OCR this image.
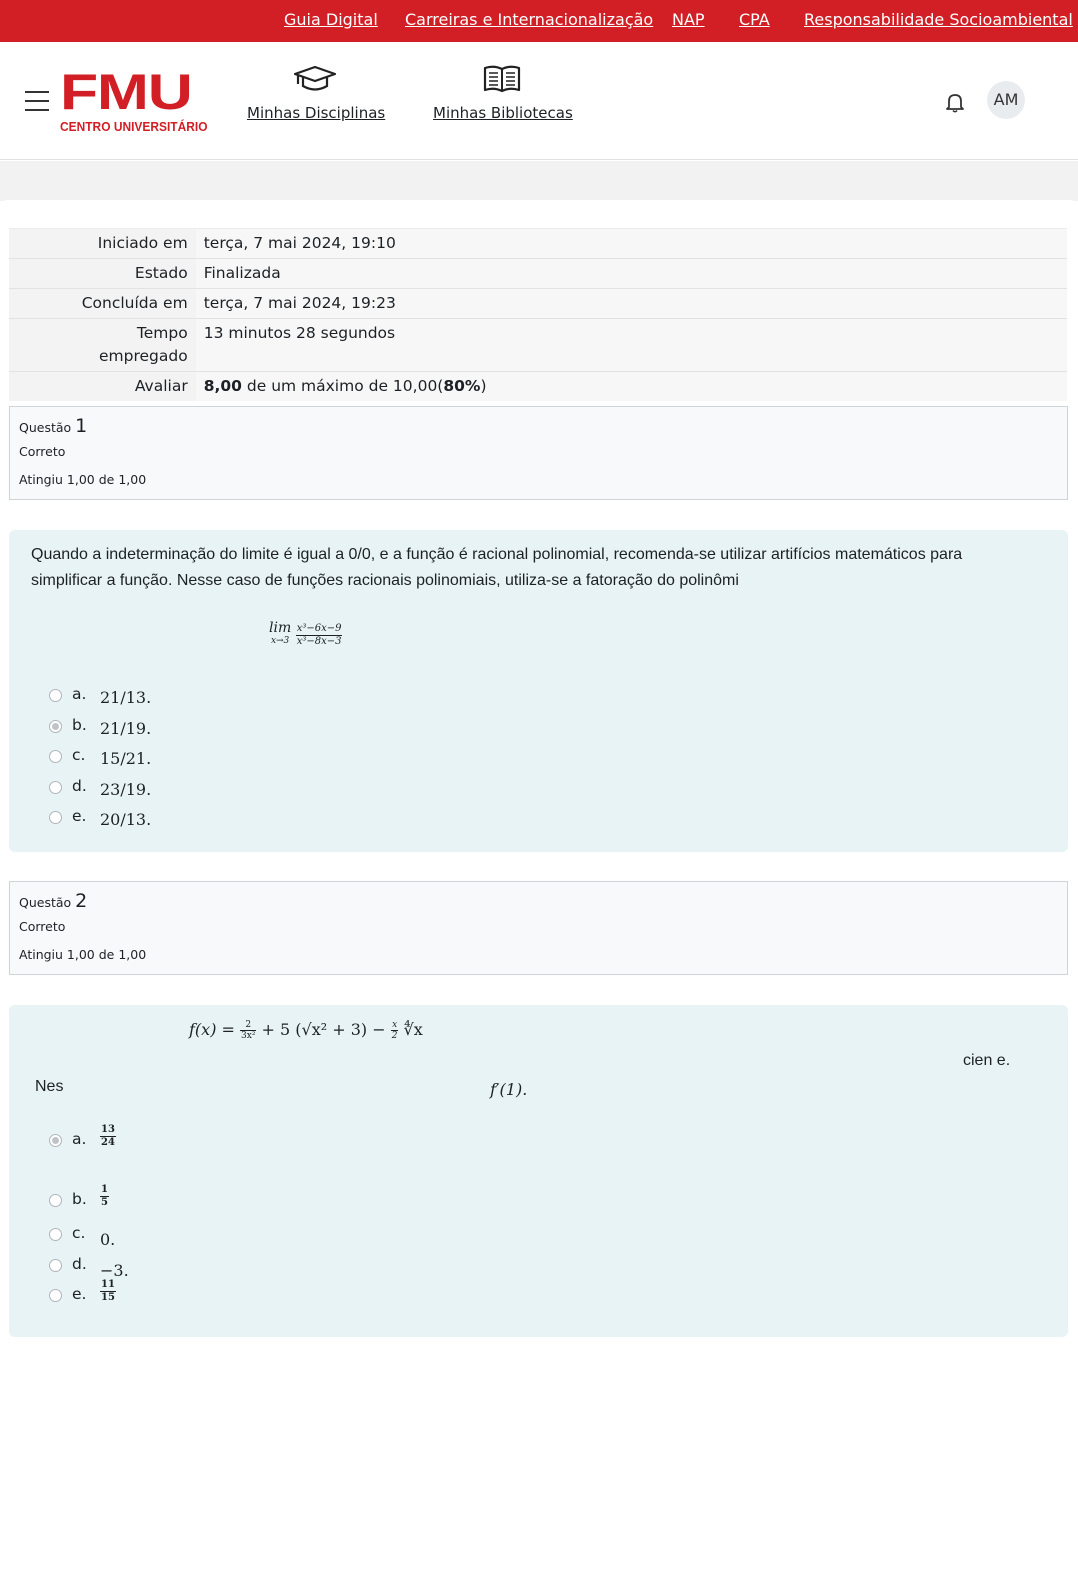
Guia Digital Carreiras e Internacionalização NAP CPA Responsabilidade Socioambiental
FMU
CENTRO UNIVERSITÁRIO
Minhas Disciplinas	Minhas Bibliotecas
AM
Iniciado em	terça, 7 mai 2024, 19:10
Estado	Finalizada
Concluída em	terça, 7 mai 2024, 19:23
Tempo empregado	13 minutos 28 segundos
Avaliar	8,00 de um máximo de 10,00(80%)
Questão 1
Correto
Atingiu 1,00 de 1,00
Quando a indeterminação do limite é igual a 0/0, e a função é racional polinomial, recomenda-se utilizar artifícios matemáticos para simplificar a função. Nesse caso de funções racionais polinomiais, utiliza-se a fatoração do polinômi
lim
x→3
$\frac{\text{x³−6x−9}}{\text{x³−8x−3}}$
a. 21/13.
b. 21/19.
c. 15/21.
d. 23/19.
e. 20/13.
Questão 2
Correto
Atingiu 1,00 de 1,00
$f(x) = \frac{2}{\text{3x²}} + 5$ $(√x^2 + 3) - \frac{x}{2}$ ∜x
cien e.
Nes	f′(1).
a. $\frac{13}{24}$
b. $\frac{1}{5}$
c. 0.
d. −3.
e. $\frac{11}{15}$
